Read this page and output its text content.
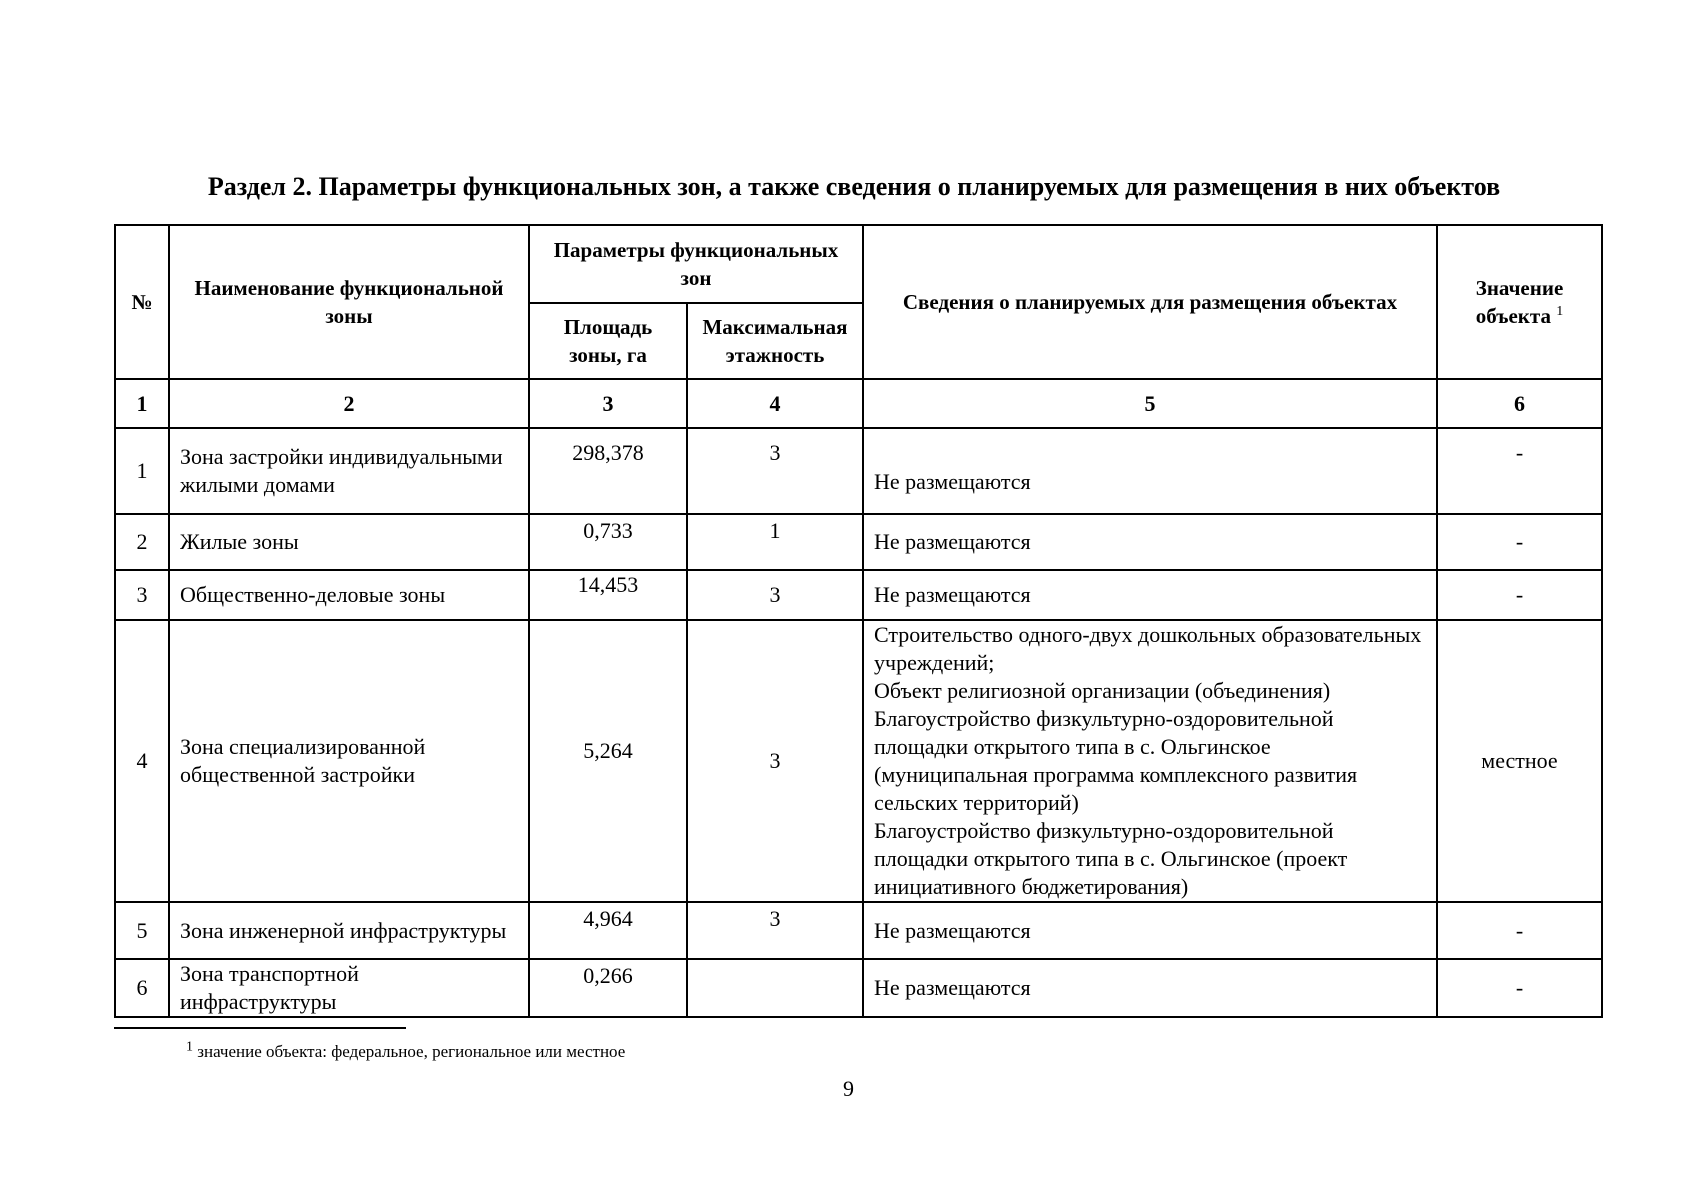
Раздел 2. Параметры функциональных зон, а также сведения о планируемых для размещения в них объектов
№	Наименование функциональной зоны	Параметры функциональных зон		Сведения о планируемых для размещения объектах	Значение объекта $^1$
		Площадь зоны, га	Максимальная этажность		
1	2	3	4	5	6
1	Зона застройки индивидуальными жилыми домами	298,378	3	Не размещаются	-
2	Жилые зоны	0,733	1	Не размещаются	-
3	Общественно-деловые зоны	14,453	3	Не размещаются	-
4	Зона специализированной общественной застройки	5,264	3	Строительство одного-двух дошкольных образовательных учреждений;
Объект религиозной организации (объединения)
Благоустройство физкультурно-оздоровительной площадки открытого типа в с. Ольгинское (муниципальная программа комплексного развития сельских территорий)
Благоустройство физкультурно-оздоровительной площадки открытого типа в с. Ольгинское (проект инициативного бюджетирования)	местное
5	Зона инженерной инфраструктуры	4,964	3	Не размещаются	-
6	Зона транспортной инфраструктуры	0,266		Не размещаются	-
$^1$ значение объекта: федеральное, региональное или местное
9
